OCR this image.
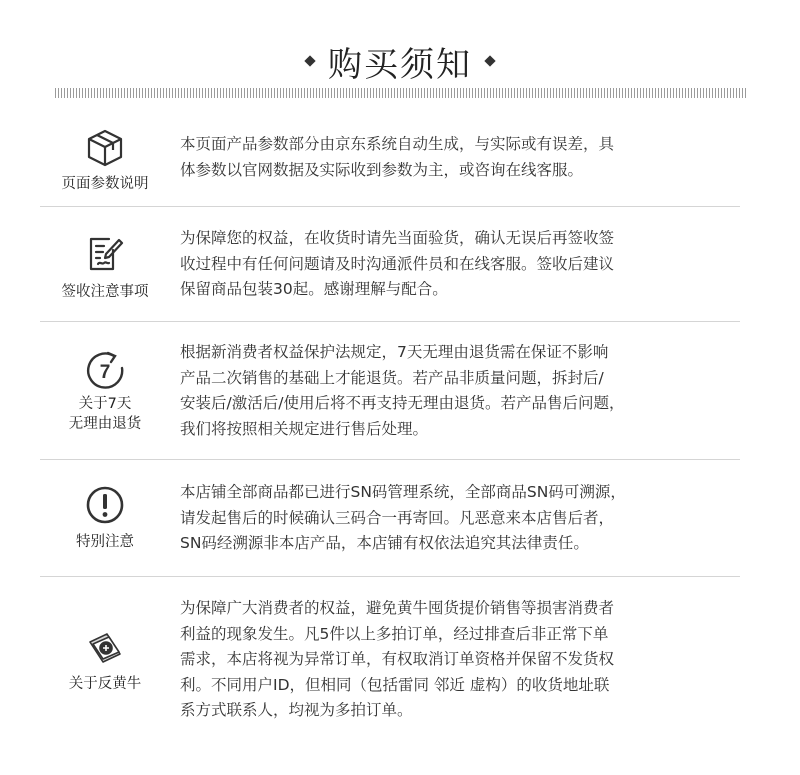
购买须知
页面参数说明

本页面产品参数部分由京东系统自动生成，与实际或有误差，具

体参数以官网数据及实际收到参数为主，或咨询在线客服。

签收注意事项

为保障您的权益，在收货时请先当面验货，确认无误后再签收签

收过程中有任何问题请及时沟通派件员和在线客服。签收后建议

保留商品包装30起。感谢理解与配合。

7
关于7天
无理由退货

根据新消费者权益保护法规定，7天无理由退货需在保证不影响

产品二次销售的基础上才能退货。若产品非质量问题，拆封后/

安装后/激活后/使用后将不再支持无理由退货。若产品售后问题，

我们将按照相关规定进行售后处理。

特别注意

本店铺全部商品都已进行SN码管理系统，全部商品SN码可溯源，

请发起售后的时候确认三码合一再寄回。凡恶意来本店售后者，

SN码经溯源非本店产品，本店铺有权依法追究其法律责任。

关于反黄牛

为保障广大消费者的权益，避免黄牛囤货提价销售等损害消费者

利益的现象发生。凡5件以上多拍订单，经过排查后非正常下单

需求，本店将视为异常订单，有权取消订单资格并保留不发货权

利。不同用户ID，但相同（包括雷同 邻近 虚构）的收货地址联

系方式联系人，均视为多拍订单。
